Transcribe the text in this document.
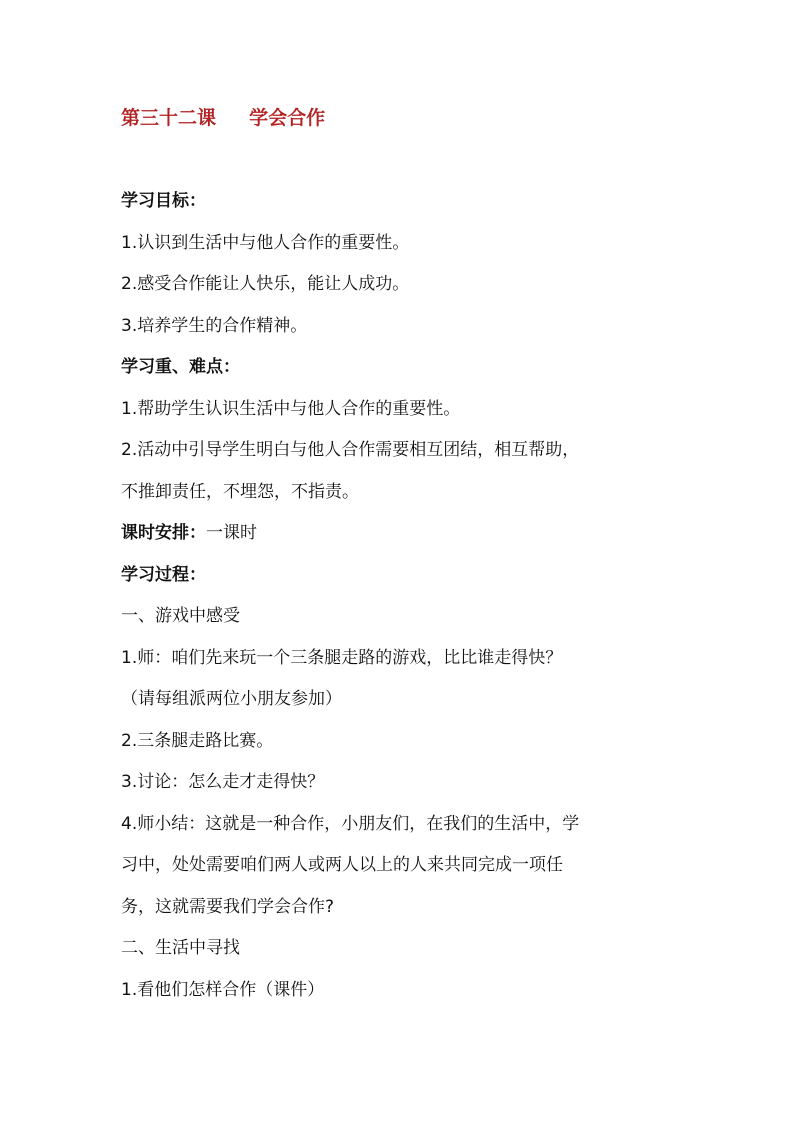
第三十二课     学会合作
学习目标：
1.认识到生活中与他人合作的重要性。
2.感受合作能让人快乐，能让人成功。
3.培养学生的合作精神。
学习重、难点：
1.帮助学生认识生活中与他人合作的重要性。
2.活动中引导学生明白与他人合作需要相互团结，相互帮助，
不推卸责任，不埋怨，不指责。
课时安排：一课时
学习过程：
一、游戏中感受
1.师：咱们先来玩一个三条腿走路的游戏，比比谁走得快？
（请每组派两位小朋友参加）
2.三条腿走路比赛。
3.讨论：怎么走才走得快？
4.师小结：这就是一种合作，小朋友们，在我们的生活中，学
习中，处处需要咱们两人或两人以上的人来共同完成一项任
务，这就需要我们学会合作?
二、生活中寻找
1.看他们怎样合作（课件）
